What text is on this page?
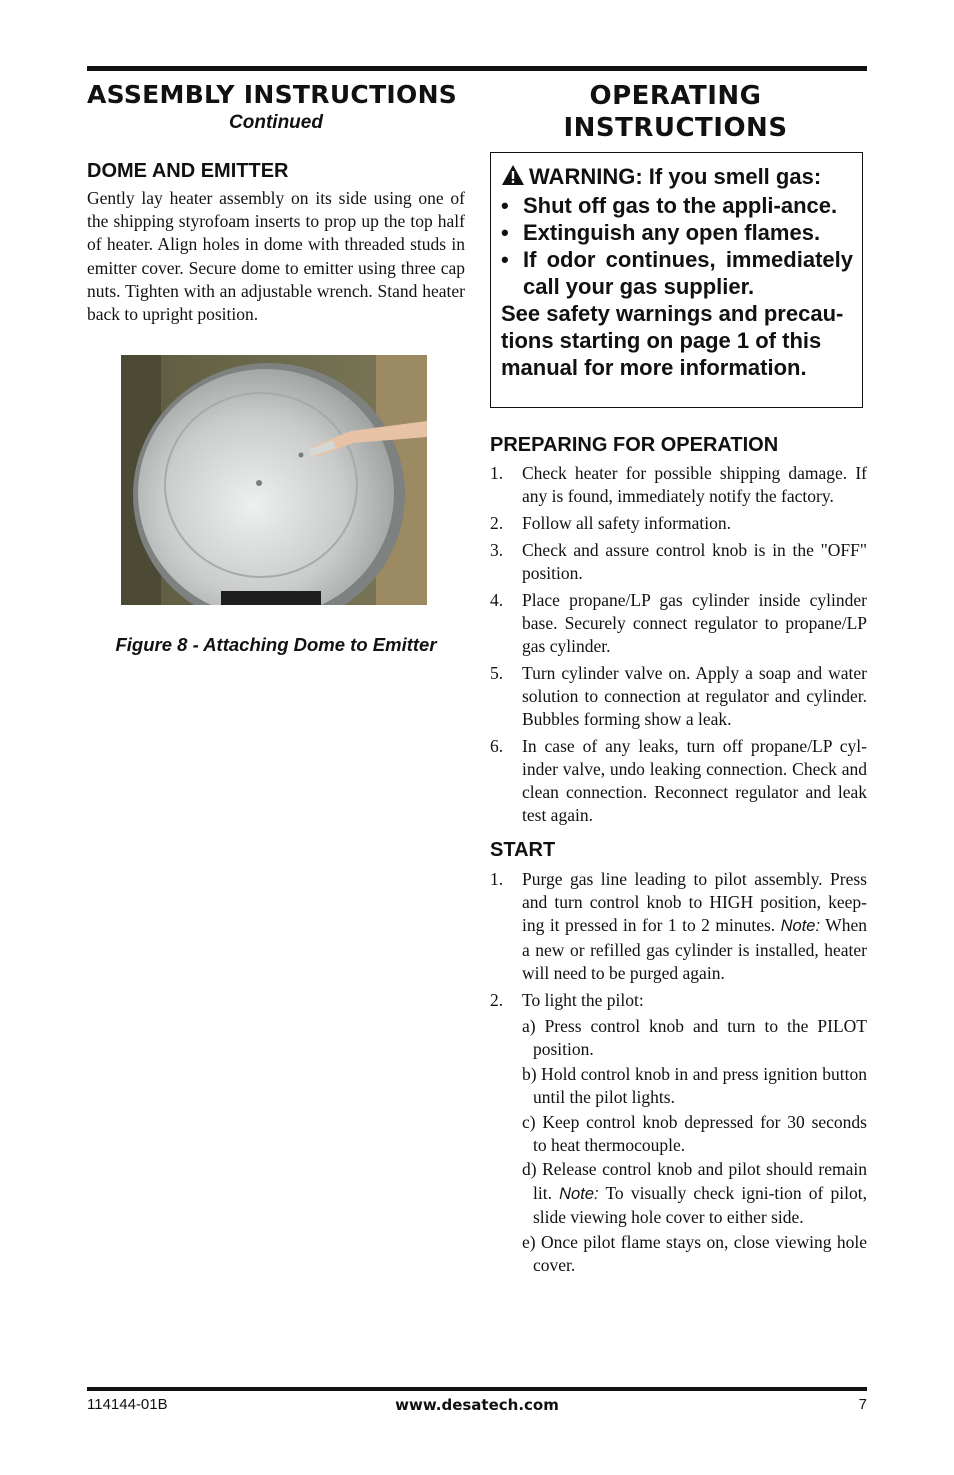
ASSEMBLY INSTRUCTIONS

Continued

DOME AND EMITTER

Gently lay heater assembly on its side using one of the shipping styrofoam inserts to prop up the top half of heater. Align holes in dome with threaded studs in emitter cover. Secure dome to emitter using three cap nuts. Tighten with an adjustable wrench. Stand heater back to upright position.

Figure 8 - Attaching Dome to Emitter
OPERATING
INSTRUCTIONS

WARNING: If you smell gas:

• Shut off gas to the appli-ance.
• Extinguish any open flames.
• If odor continues, immediately call your gas supplier.

See safety warnings and precau-tions starting on page 1 of this manual for more information.

PREPARING FOR OPERATION
1. Check heater for possible shipping damage. If any is found, immediately notify the factory.
2. Follow all safety information.
3. Check and assure control knob is in the "OFF" position.
4. Place propane/LP gas cylinder inside cylinder base. Securely connect regulator to propane/LP gas cylinder.
5. Turn cylinder valve on. Apply a soap and water solution to connection at regulator and cylinder. Bubbles forming show a leak.
6. In case of any leaks, turn off propane/LP cyl-inder valve, undo leaking connection. Check and clean connection. Reconnect regulator and leak test again.
START
1. Purge gas line leading to pilot assembly. Press and turn control knob to HIGH position, keep-ing it pressed in for 1 to 2 minutes. Note: When a new or refilled gas cylinder is installed, heater will need to be purged again.
2. To light the pilot:
a) Press control knob and turn to the PILOT position.
b) Hold control knob in and press ignition button until the pilot lights.
c) Keep control knob depressed for 30 seconds to heat thermocouple.
d) Release control knob and pilot should remain lit. Note: To visually check igni-tion of pilot, slide viewing hole cover to either side.
e) Once pilot flame stays on, close viewing hole cover.
114144-01B	www.desatech.com	7
